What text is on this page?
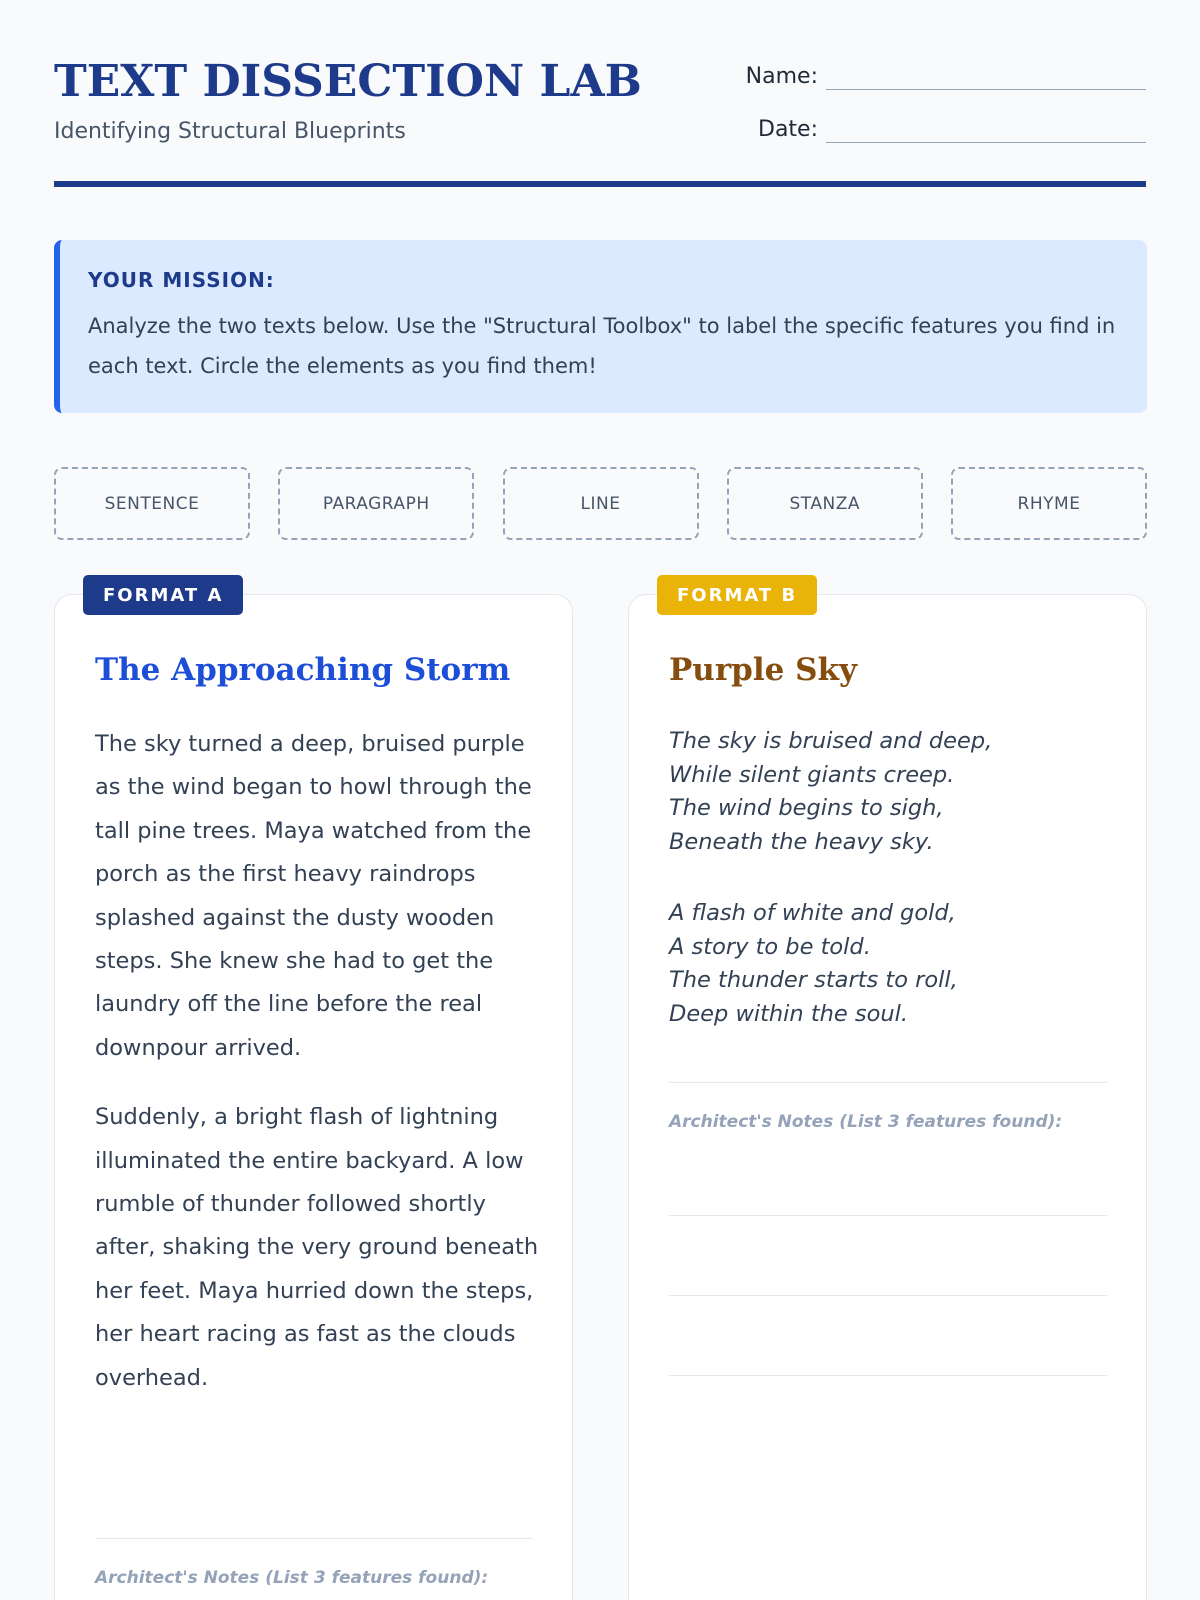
TEXT DISSECTION LAB
Identifying Structural Blueprints
Name:
Date:
YOUR MISSION:
Analyze the two texts below. Use the "Structural Toolbox" to label the specific features you find in each text. Circle the elements as you find them!
SENTENCE	PARAGRAPH	LINE	STANZA	RHYME
FORMAT A
The Approaching Storm

The sky turned a deep, bruised purple as the wind began to howl through the tall pine trees. Maya watched from the porch as the first heavy raindrops splashed against the dusty wooden steps. She knew she had to get the laundry off the line before the real downpour arrived.

Suddenly, a bright flash of lightning illuminated the entire backyard. A low rumble of thunder followed shortly after, shaking the very ground beneath her feet. Maya hurried down the steps, her heart racing as fast as the clouds overhead.

Architect's Notes (List 3 features found):
FORMAT B
Purple Sky
The sky is bruised and deep,
While silent giants creep.
The wind begins to sigh,
Beneath the heavy sky.
A flash of white and gold,
A story to be told.
The thunder starts to roll,
Deep within the soul.
Architect's Notes (List 3 features found):
